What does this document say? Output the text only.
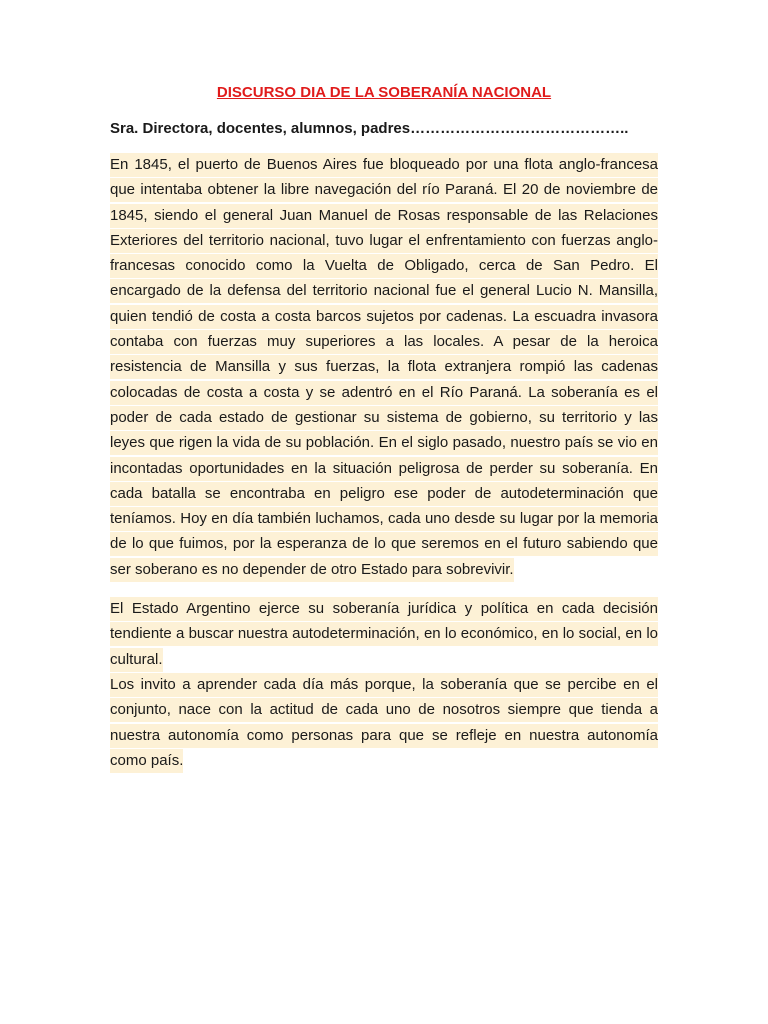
DISCURSO DIA DE LA SOBERANÍA NACIONAL

Sra. Directora, docentes, alumnos, padres……………………………………..

En 1845, el puerto de Buenos Aires fue bloqueado por una flota anglo-francesa que intentaba obtener la libre navegación del río Paraná. El 20 de noviembre de 1845, siendo el general Juan Manuel de Rosas responsable de las Relaciones Exteriores del territorio nacional, tuvo lugar el enfrentamiento con fuerzas anglo-francesas conocido como la Vuelta de Obligado, cerca de San Pedro. El encargado de la defensa del territorio nacional fue el general Lucio N. Mansilla, quien tendió de costa a costa barcos sujetos por cadenas. La escuadra invasora contaba con fuerzas muy superiores a las locales. A pesar de la heroica resistencia de Mansilla y sus fuerzas, la flota extranjera rompió las cadenas colocadas de costa a costa y se adentró en el Río Paraná. La soberanía es el poder de cada estado de gestionar su sistema de gobierno, su territorio y las leyes que rigen la vida de su población. En el siglo pasado, nuestro país se vio en incontadas oportunidades en la situación peligrosa de perder su soberanía. En cada batalla se encontraba en peligro ese poder de autodeterminación que teníamos. Hoy en día también luchamos, cada uno desde su lugar por la memoria de lo que fuimos, por la esperanza de lo que seremos en el futuro sabiendo que ser soberano es no depender de otro Estado para sobrevivir.

El Estado Argentino ejerce su soberanía jurídica y política en cada decisión tendiente a buscar nuestra autodeterminación, en lo económico, en lo social, en lo cultural.

Los invito a aprender cada día más porque, la soberanía que se percibe en el conjunto, nace con la actitud de cada uno de nosotros siempre que tienda a nuestra autonomía como personas para que se refleje en nuestra autonomía como país.
